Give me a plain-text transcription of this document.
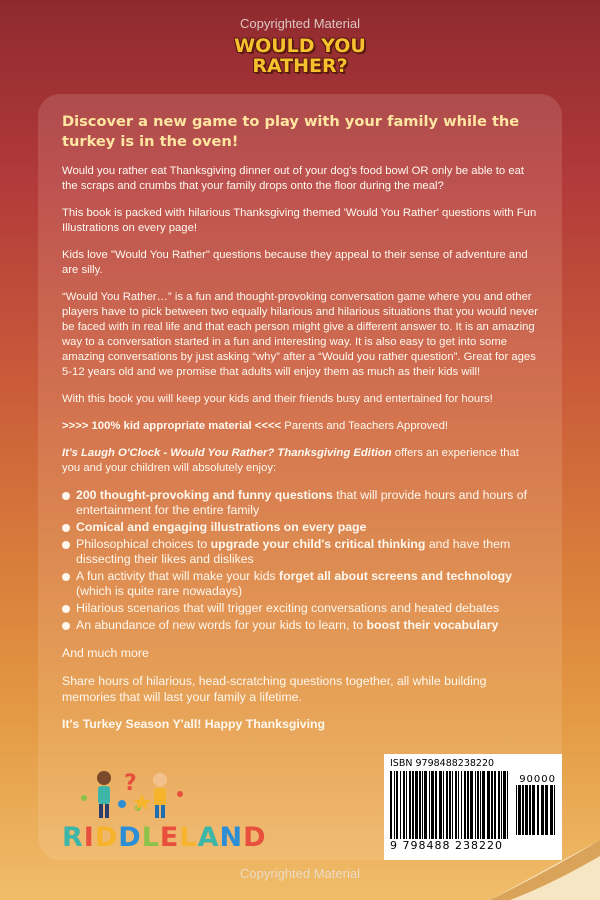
Copyrighted Material
WOULD YOU
RATHER?
Discover a new game to play with your family while the turkey is in the oven!

Would you rather eat Thanksgiving dinner out of your dog's food bowl OR only be able to eat the scraps and crumbs that your family drops onto the floor during the meal?

This book is packed with hilarious Thanksgiving themed 'Would You Rather' questions with Fun Illustrations on every page!

Kids love "Would You Rather" questions because they appeal to their sense of adventure and are silly.

“Would You Rather…” is a fun and thought-provoking conversation game where you and other players have to pick between two equally hilarious and hilarious situations that you would never be faced with in real life and that each person might give a different answer to. It is an amazing way to a conversation started in a fun and interesting way. It is also easy to get into some amazing conversations by just asking “why” after a “Would you rather question”. Great for ages 5-12 years old and we promise that adults will enjoy them as much as their kids will!

With this book you will keep your kids and their friends busy and entertained for hours!

>>>> 100% kid appropriate material <<<< Parents and Teachers Approved!

It's Laugh O'Clock - Would You Rather? Thanksgiving Edition offers an experience that you and your children will absolutely enjoy:

200 thought-provoking and funny questions that will provide hours and hours of entertainment for the entire family
Comical and engaging illustrations on every page
Philosophical choices to upgrade your child's critical thinking and have them dissecting their likes and dislikes
A fun activity that will make your kids forget all about screens and technology (which is quite rare nowadays)
Hilarious scenarios that will trigger exciting conversations and heated debates
An abundance of new words for your kids to learn, to boost their vocabulary

And much more

Share hours of hilarious, head-scratching questions together, all while building memories that will last your family a lifetime.

It's Turkey Season Y'all! Happy Thanksgiving

?
RIDDLELAND
ISBN 9798488238220
90000
9 798488 238220
Copyrighted Material
